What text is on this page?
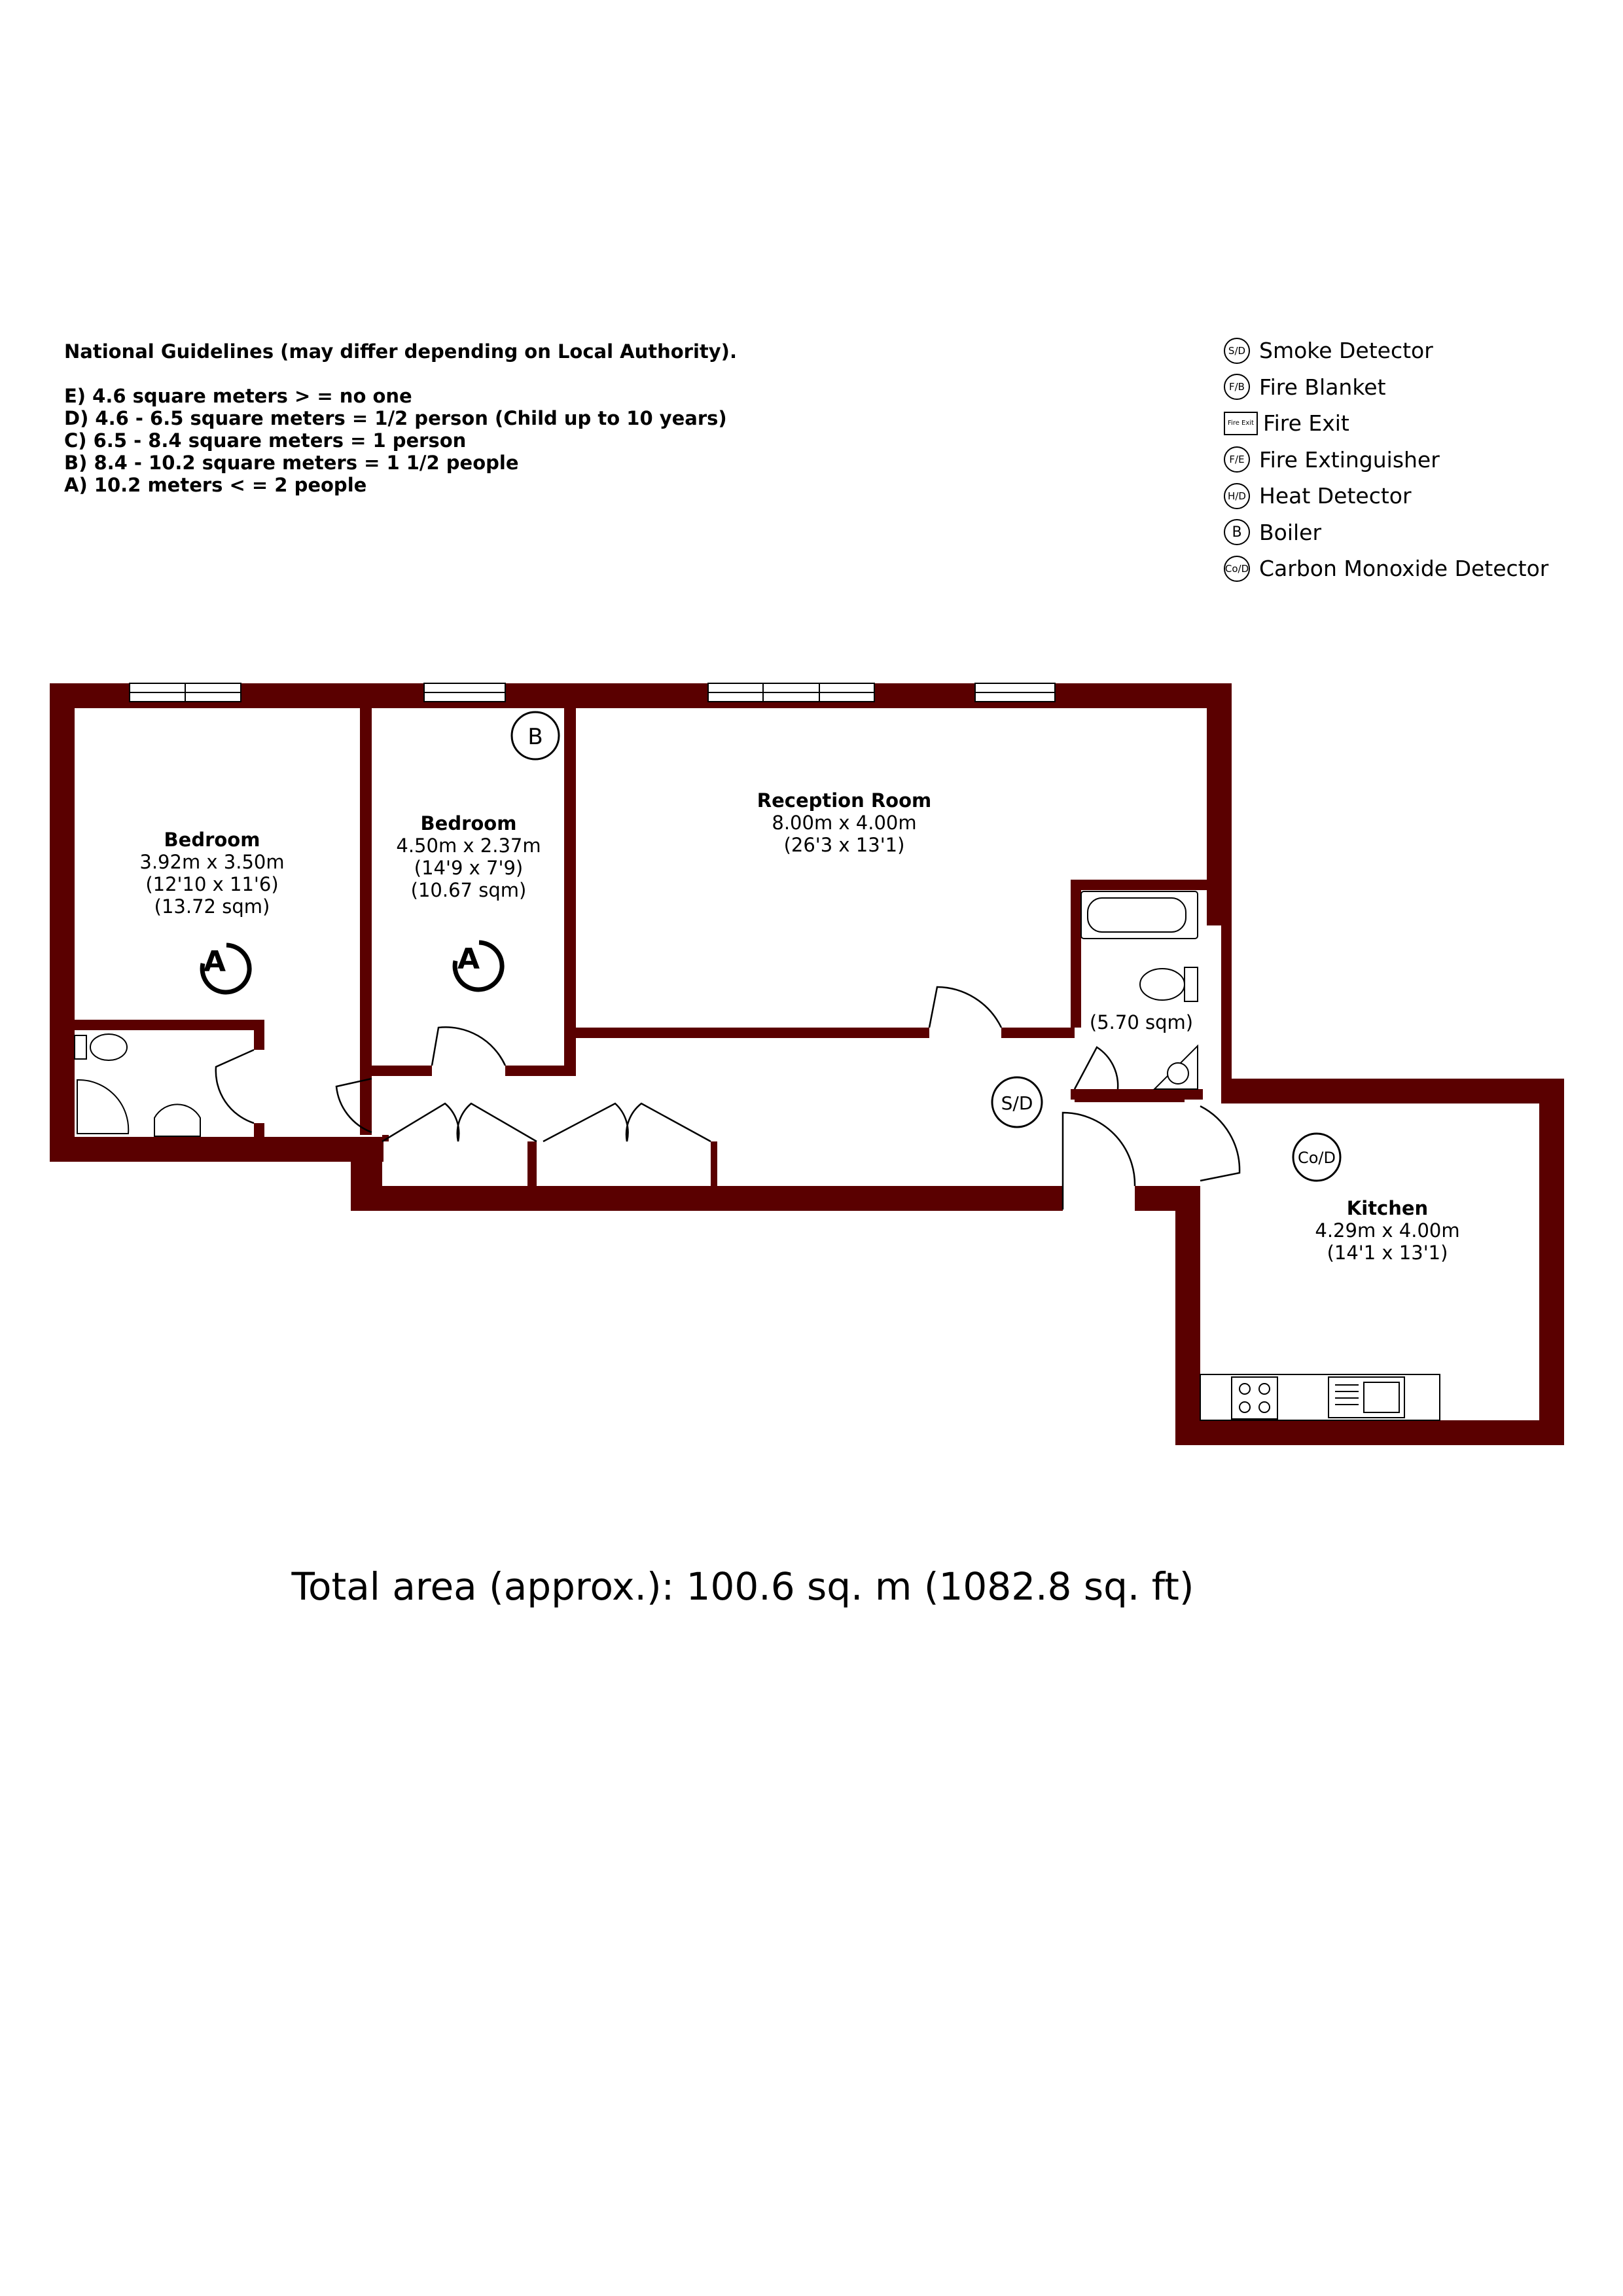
National Guidelines (may differ depending on Local Authority).
E) 4.6 square meters > = no one
D) 4.6 - 6.5 square meters = 1/2 person (Child up to 10 years)
C) 6.5 - 8.4 square meters = 1 person
B) 8.4 - 10.2 square meters = 1 1/2 people
A) 10.2 meters < = 2 people
S/D Smoke Detector
F/B Fire Blanket
Fire Exit Fire Exit
F/E Fire Extinguisher
H/D Heat Detector
B Boiler
Co/D Carbon Monoxide Detector
B
S/D
Co/D
A	A
Bedroom
3.92m x 3.50m
(12'10 x 11'6)
(13.72 sqm)
Bedroom
4.50m x 2.37m
(14'9 x 7'9)
(10.67 sqm)
Reception Room
8.00m x 4.00m
(26'3 x 13'1)
(5.70 sqm)
Kitchen
4.29m x 4.00m
(14'1 x 13'1)
Total area (approx.): 100.6 sq. m (1082.8 sq. ft)
